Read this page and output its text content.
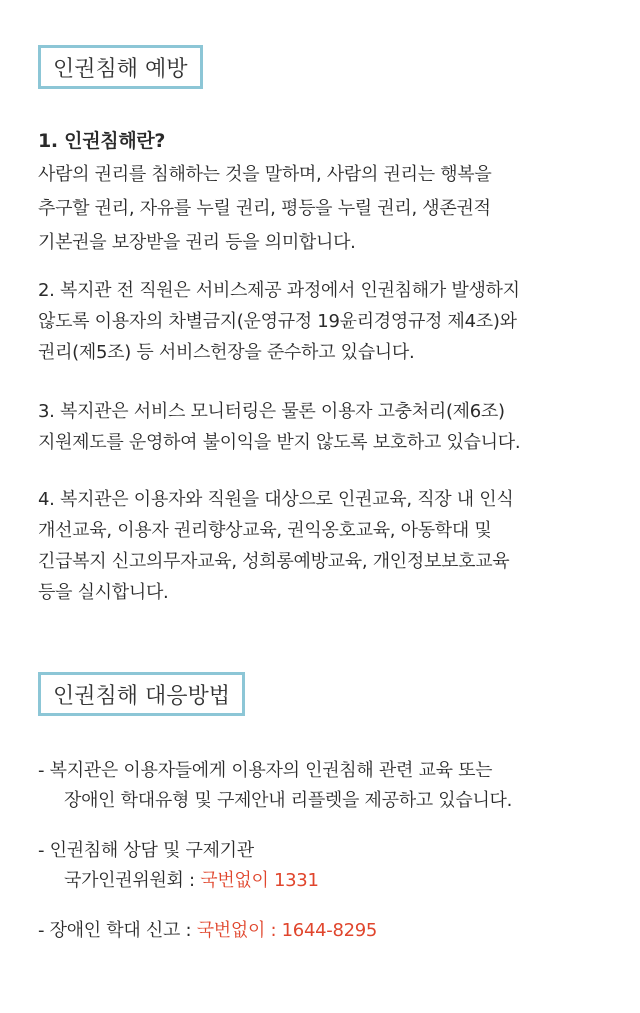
인권침해 예방
1. 인권침해란?
사람의 권리를 침해하는 것을 말하며, 사람의 권리는 행복을
추구할 권리, 자유를 누릴 권리, 평등을 누릴 권리, 생존권적
기본권을 보장받을 권리 등을 의미합니다.
2. 복지관 전 직원은 서비스제공 과정에서 인권침해가 발생하지
않도록 이용자의 차별금지(운영규정 19윤리경영규정 제4조)와
권리(제5조) 등 서비스헌장을 준수하고 있습니다.
3. 복지관은 서비스 모니터링은 물론 이용자 고충처리(제6조)
지원제도를 운영하여 불이익을 받지 않도록 보호하고 있습니다.
4. 복지관은 이용자와 직원을 대상으로 인권교육, 직장 내 인식
개선교육, 이용자 권리향상교육, 권익옹호교육, 아동학대 및
긴급복지 신고의무자교육, 성희롱예방교육, 개인정보보호교육
등을 실시합니다.
인권침해 대응방법
- 복지관은 이용자들에게 이용자의 인권침해 관련 교육 또는
장애인 학대유형 및 구제안내 리플렛을 제공하고 있습니다.
- 인권침해 상담 및 구제기관
국가인권위원회 : 국번없이 1331
- 장애인 학대 신고 : 국번없이 : 1644-8295
